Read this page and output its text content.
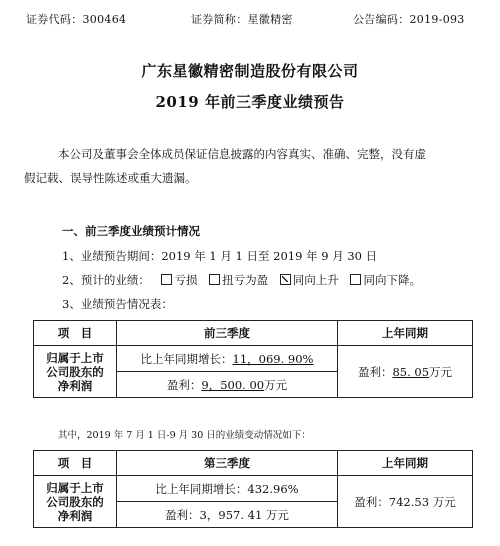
证券代码：300464	证券简称：星徽精密	公告编码：2019-093
广东星徽精密制造股份有限公司
2019 年前三季度业绩预告
本公司及董事会全体成员保证信息披露的内容真实、准确、完整，没有虚
假记载、误导性陈述或重大遗漏。
一、前三季度业绩预计情况
1、业绩预告期间：2019 年 1 月 1 日至 2019 年 9 月 30 日
2、预计的业绩： 亏损 扭亏为盈 同向上升 同向下降。
3、业绩预告情况表：
项　目	前三季度	上年同期

归属于上市
公司股东的
净利润	比上年同期增长：11，069. 90%	盈利：85. 05万元
	盈利：9，500. 00万元	
其中，2019 年 7 月 1 日-9 月 30 日的业绩变动情况如下：
项　目	第三季度	上年同期

归属于上市
公司股东的
净利润	比上年同期增长：432.96%	盈利：742.53 万元
	盈利：3，957. 41 万元	
